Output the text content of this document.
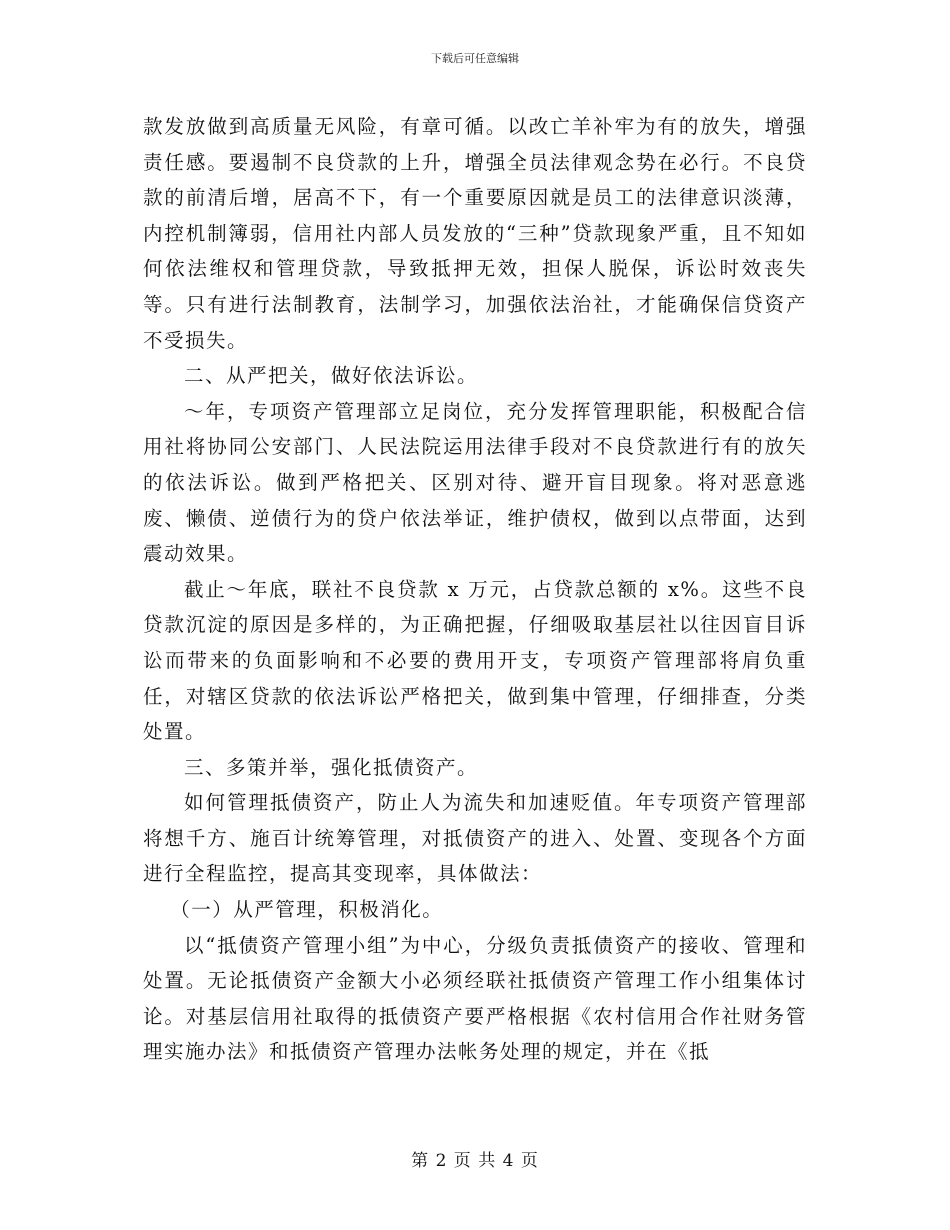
下载后可任意编辑

款发放做到高质量无风险，有章可循。以改亡羊补牢为有的放失，增强责任感。要遏制不良贷款的上升，增强全员法律观念势在必行。不良贷款的前清后增，居高不下，有一个重要原因就是员工的法律意识淡薄，内控机制簿弱，信用社内部人员发放的“三种”贷款现象严重，且不知如何依法维权和管理贷款，导致抵押无效，担保人脱保，诉讼时效丧失等。只有进行法制教育，法制学习，加强依法治社，才能确保信贷资产不受损失。

二、从严把关，做好依法诉讼。

～年，专项资产管理部立足岗位，充分发挥管理职能，积极配合信用社将协同公安部门、人民法院运用法律手段对不良贷款进行有的放矢的依法诉讼。做到严格把关、区别对待、避开盲目现象。将对恶意逃废、懒债、逆债行为的贷户依法举证，维护债权，做到以点带面，达到震动效果。

截止～年底，联社不良贷款 x 万元，占贷款总额的 x%。这些不良贷款沉淀的原因是多样的，为正确把握，仔细吸取基层社以往因盲目诉讼而带来的负面影响和不必要的费用开支，专项资产管理部将肩负重任，对辖区贷款的依法诉讼严格把关，做到集中管理，仔细排查，分类处置。

三、多策并举，强化抵债资产。

如何管理抵债资产，防止人为流失和加速贬值。年专项资产管理部将想千方、施百计统筹管理，对抵债资产的进入、处置、变现各个方面进行全程监控，提高其变现率，具体做法：

（一）从严管理，积极消化。

以“抵债资产管理小组”为中心，分级负责抵债资产的接收、管理和处置。无论抵债资产金额大小必须经联社抵债资产管理工作小组集体讨论。对基层信用社取得的抵债资产要严格根据《农村信用合作社财务管理实施办法》和抵债资产管理办法帐务处理的规定，并在《抵

第 2 页 共 4 页
